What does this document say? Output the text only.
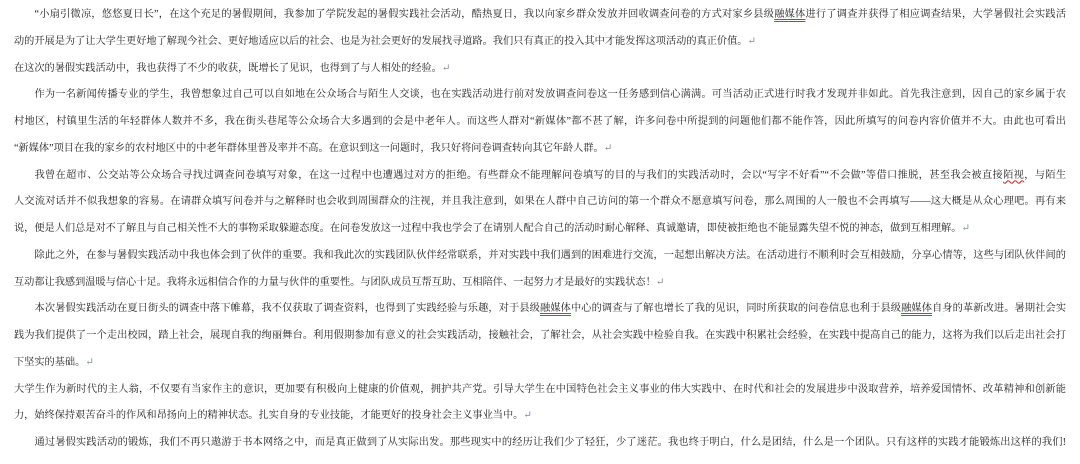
“小扇引微凉，悠悠夏日长”，在这个充足的暑假期间，我参加了学院发起的暑假实践社会活动，酷热夏日，我以向家乡群众发放并回收调查问卷的方式对家乡县级融媒体进行了调查并获得了相应调查结果，大学暑假社会实践活
动的开展是为了让大学生更好地了解现今社会、更好地适应以后的社会、也是为社会更好的发展找寻道路。我们只有真正的投入其中才能发挥这项活动的真正价值。↵
在这次的暑假实践活动中，我也获得了不少的收获，既增长了见识，也得到了与人相处的经验。↵
作为一名新闻传播专业的学生，我曾想象过自己可以自如地在公众场合与陌生人交谈，也在实践活动进行前对发放调查问卷这一任务感到信心满满。可当活动正式进行时我才发现并非如此。首先我注意到，因自己的家乡属于农
村地区，村镇里生活的年轻群体人数并不多，我在街头巷尾等公众场合大多遇到的会是中老年人。而这些人群对“新媒体”都不甚了解，许多问卷中所提到的问题他们都不能作答，因此所填写的问卷内容价值并不大。由此也可看出
“新媒体”项目在我的家乡的农村地区中的中老年群体里普及率并不高。在意识到这一问题时，我只好将问卷调查转向其它年龄人群。↵
我曾在超市、公交站等公众场合寻找过调查问卷填写对象，在这一过程中也遭遇过对方的拒绝。有些群众不能理解问卷填写的目的与我们的实践活动时，会以“写字不好看”“不会做”等借口推脱，甚至我会被直接陌视，与陌生
人交流对话并不似我想象的容易。在请群众填写问卷并与之解释时也会收到周围群众的注视，并且我注意到，如果在人群中自己访问的第一个群众不愿意填写问卷，那么周围的人一般也不会再填写——这大概是从众心理吧。再有来
说，便是人们总是对不了解且与自己相关性不大的事物采取躲避态度。在问卷发放这一过程中我也学会了在请别人配合自己的活动时耐心解释、真诚邀请，即使被拒绝也不能显露失望不悦的神态，做到互相理解。↵
除此之外，在参与暑假实践活动中我也体会到了伙伴的重要。我和我此次的实践团队伙伴经常联系，并对实践中我们遇到的困难进行交流，一起想出解决方法。在活动进行不顺利时会互相鼓励，分享心情等，这些与团队伙伴间的
互动都让我感到温暖与信心十足。我将永远相信合作的力量与伙伴的重要性。与团队成员互帮互助、互相陪伴、一起努力才是最好的实践状态！↵
本次暑假实践活动在夏日街头的调查中落下帷幕，我不仅获取了调查资料，也得到了实践经验与乐趣，对于县级融媒体中心的调查与了解也增长了我的见识，同时所获取的问卷信息也利于县级融媒体自身的革新改进。暑期社会实
践为我们提供了一个走出校园，踏上社会，展现自我的绚丽舞台。利用假期参加有意义的社会实践活动，接触社会，了解社会，从社会实践中检验自我。在实践中积累社会经验，在实践中提高自己的能力，这将为我们以后走出社会打
下坚实的基础。↵
大学生作为新时代的主人翁，不仅要有当家作主的意识，更加要有积极向上健康的价值观，拥护共产党。引导大学生在中国特色社会主义事业的伟大实践中、在时代和社会的发展进步中汲取营养，培养爱国情怀、改革精神和创新能
力，始终保持艰苦奋斗的作风和昂扬向上的精神状态。扎实自身的专业技能，才能更好的投身社会主义事业当中。↵
通过暑假实践活动的锻炼，我们不再只遨游于书本网络之中，而是真正做到了从实际出发。那些现实中的经历让我们少了轻狂，少了迷茫。我也终于明白，什么是团结，什么是一个团队。只有这样的实践才能锻炼出这样的我们!
